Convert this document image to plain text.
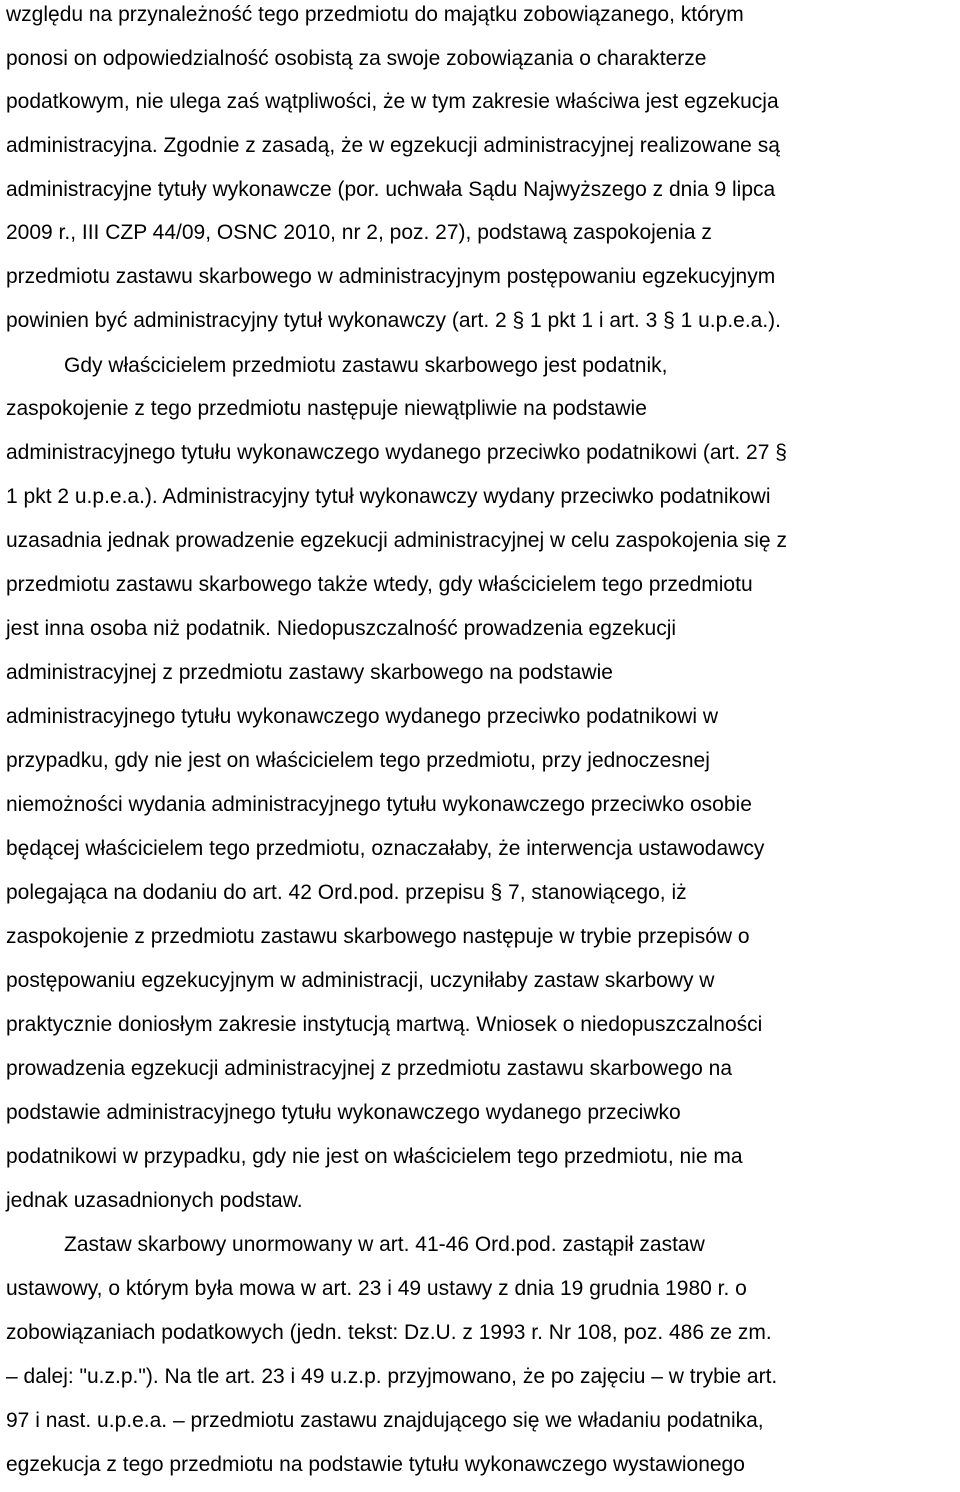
względu na przynależność tego przedmiotu do majątku zobowiązanego, którym
ponosi on odpowiedzialność osobistą za swoje zobowiązania o charakterze
podatkowym, nie ulega zaś wątpliwości, że w tym zakresie właściwa jest egzekucja
administracyjna. Zgodnie z zasadą, że w egzekucji administracyjnej realizowane są
administracyjne tytuły wykonawcze (por. uchwała Sądu Najwyższego z dnia 9 lipca
2009 r., III CZP 44/09, OSNC 2010, nr 2, poz. 27), podstawą zaspokojenia z
przedmiotu zastawu skarbowego w administracyjnym postępowaniu egzekucyjnym
powinien być administracyjny tytuł wykonawczy (art. 2 § 1 pkt 1 i art. 3 § 1 u.p.e.a.).
Gdy właścicielem przedmiotu zastawu skarbowego jest podatnik,
zaspokojenie z tego przedmiotu następuje niewątpliwie na podstawie
administracyjnego tytułu wykonawczego wydanego przeciwko podatnikowi (art. 27 §
1 pkt 2 u.p.e.a.). Administracyjny tytuł wykonawczy wydany przeciwko podatnikowi
uzasadnia jednak prowadzenie egzekucji administracyjnej w celu zaspokojenia się z
przedmiotu zastawu skarbowego także wtedy, gdy właścicielem tego przedmiotu
jest inna osoba niż podatnik. Niedopuszczalność prowadzenia egzekucji
administracyjnej z przedmiotu zastawy skarbowego na podstawie
administracyjnego tytułu wykonawczego wydanego przeciwko podatnikowi w
przypadku, gdy nie jest on właścicielem tego przedmiotu, przy jednoczesnej
niemożności wydania administracyjnego tytułu wykonawczego przeciwko osobie
będącej właścicielem tego przedmiotu, oznaczałaby, że interwencja ustawodawcy
polegająca na dodaniu do art. 42 Ord.pod. przepisu § 7, stanowiącego, iż
zaspokojenie z przedmiotu zastawu skarbowego następuje w trybie przepisów o
postępowaniu egzekucyjnym w administracji, uczyniłaby zastaw skarbowy w
praktycznie doniosłym zakresie instytucją martwą. Wniosek o niedopuszczalności
prowadzenia egzekucji administracyjnej z przedmiotu zastawu skarbowego na
podstawie administracyjnego tytułu wykonawczego wydanego przeciwko
podatnikowi w przypadku, gdy nie jest on właścicielem tego przedmiotu, nie ma
jednak uzasadnionych podstaw.
Zastaw skarbowy unormowany w art. 41-46 Ord.pod. zastąpił zastaw
ustawowy, o którym była mowa w art. 23 i 49 ustawy z dnia 19 grudnia 1980 r. o
zobowiązaniach podatkowych (jedn. tekst: Dz.U. z 1993 r. Nr 108, poz. 486 ze zm.
– dalej: "u.z.p."). Na tle art. 23 i 49 u.z.p. przyjmowano, że po zajęciu – w trybie art.
97 i nast. u.p.e.a. – przedmiotu zastawu znajdującego się we władaniu podatnika,
egzekucja z tego przedmiotu na podstawie tytułu wykonawczego wystawionego
